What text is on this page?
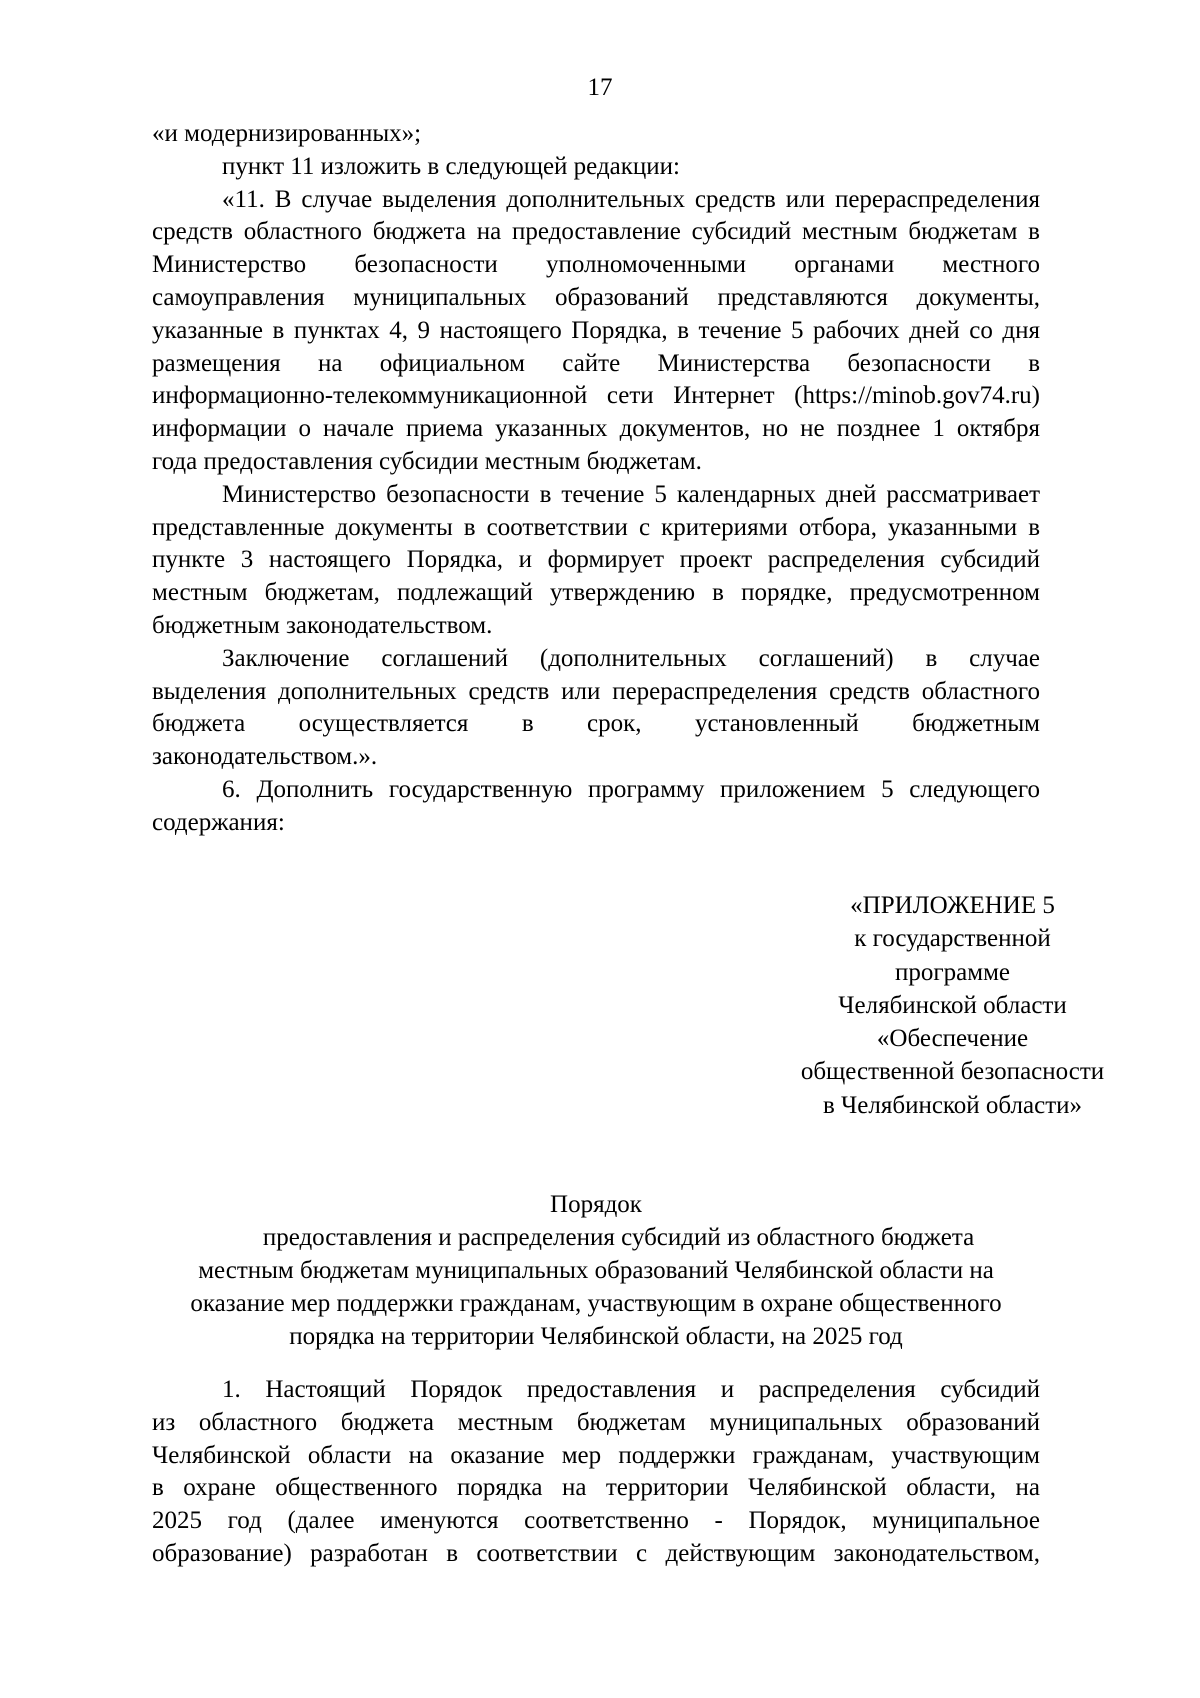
17

«и модернизированных»;

пункт 11 изложить в следующей редакции:

«11. В случае выделения дополнительных средств или перераспределения

средств областного бюджета на предоставление субсидий местным бюджетам в

Министерство безопасности уполномоченными органами местного

самоуправления муниципальных образований представляются документы,

указанные в пунктах 4, 9 настоящего Порядка, в течение 5 рабочих дней со дня

размещения на официальном сайте Министерства безопасности в

информационно-телекоммуникационной сети Интернет (https://minob.gov74.ru)

информации о начале приема указанных документов, но не позднее 1 октября

года предоставления субсидии местным бюджетам.

Министерство безопасности в течение 5 календарных дней рассматривает

представленные документы в соответствии с критериями отбора, указанными в

пункте 3 настоящего Порядка, и формирует проект распределения субсидий

местным бюджетам, подлежащий утверждению в порядке, предусмотренном

бюджетным законодательством.

Заключение соглашений (дополнительных соглашений) в случае

выделения дополнительных средств или перераспределения средств областного

бюджета осуществляется в срок, установленный бюджетным

законодательством.».

6. Дополнить государственную программу приложением 5 следующего

содержания:

«ПРИЛОЖЕНИЕ 5
к государственной
программе
Челябинской области
«Обеспечение
общественной безопасности
в Челябинской области»
Порядок
предоставления и распределения субсидий из областного бюджета
местным бюджетам муниципальных образований Челябинской области на
оказание мер поддержки гражданам, участвующим в охране общественного
порядка на территории Челябинской области, на 2025 год

1. Настоящий Порядок предоставления и распределения субсидий

из областного бюджета местным бюджетам муниципальных образований

Челябинской области на оказание мер поддержки гражданам, участвующим

в охране общественного порядка на территории Челябинской области, на

2025 год (далее именуются соответственно - Порядок, муниципальное

образование) разработан в соответствии с действующим законодательством,
